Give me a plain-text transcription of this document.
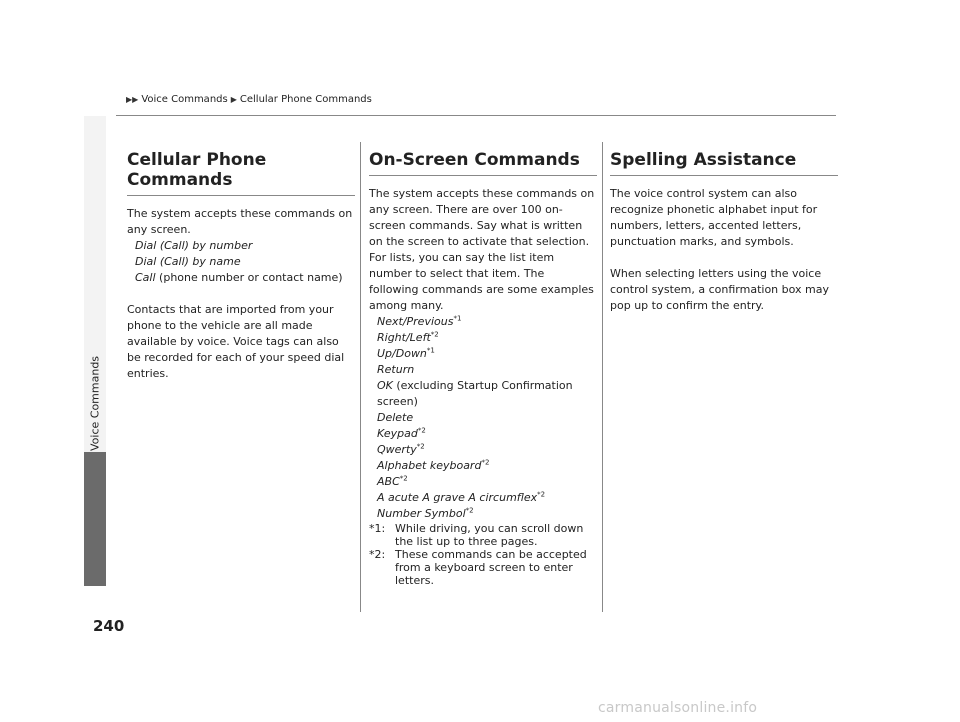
▶▶ Voice Commands ▶ Cellular Phone Commands
Voice Commands
240
Cellular Phone Commands

The system accepts these commands on any screen.

Dial (Call) by number
Dial (Call) by name
Call (phone number or contact name)

Contacts that are imported from your phone to the vehicle are all made available by voice. Voice tags can also be recorded for each of your speed dial entries.

On-Screen Commands

The system accepts these commands on any screen. There are over 100 on-screen commands. Say what is written on the screen to activate that selection. For lists, you can say the list item number to select that item. The following commands are some examples among many.

Next/Previous$^{*1}$
Right/Left$^{*2}$
Up/Down$^{*1}$
Return
OK (excluding Startup Confirmation screen)
Delete
Keypad$^{*2}$
Qwerty$^{*2}$
Alphabet keyboard$^{*2}$
ABC$^{*2}$
A acute A grave A circumflex$^{*2}$
Number Symbol$^{*2}$
*1: While driving, you can scroll down the list up to three pages.
*2: These commands can be accepted from a keyboard screen to enter letters.
Spelling Assistance

The voice control system can also recognize phonetic alphabet input for numbers, letters, accented letters, punctuation marks, and symbols.

When selecting letters using the voice control system, a confirmation box may pop up to confirm the entry.

carmanualsonline.info
